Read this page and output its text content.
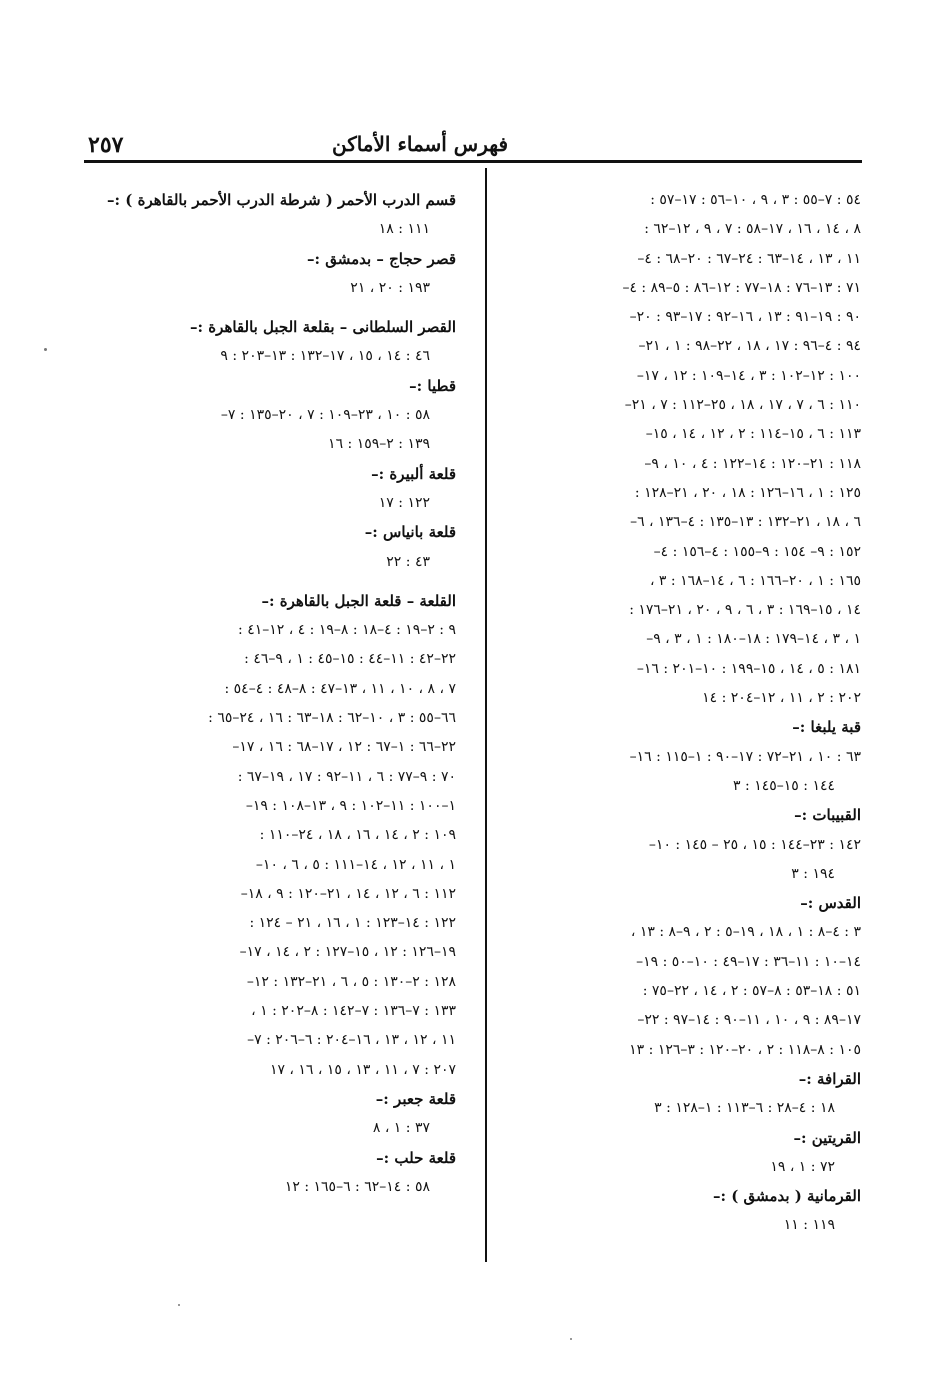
٢٥٧	فهرس أسماء الأماكن
٥٤ : ٧–٥٥ : ٣ ، ٩ ، ١٠–٥٦ : ١٧–٥٧ :
٨ ، ١٤ ، ١٦ ، ١٧–٥٨ : ٧ ، ٩ ، ١٢–٦٢ :
١١ ، ١٣ ، ١٤–٦٣ : ٢٤–٦٧ : ٢٠–٦٨ : ٤–
٧١ : ١٣–٧٦ : ١٨–٧٧ : ١٢–٨٦ : ٥–٨٩ : ٤–
٩٠ : ١٩–٩١ : ١٣ ، ١٦–٩٢ : ١٧–٩٣ : ٢٠–
٩٤ : ٤–٩٦ : ١٧ ، ١٨ ، ٢٢–٩٨ : ١ ، ٢١–
١٠٠ : ١٢–١٠٢ : ٣ ، ١٤–١٠٩ : ١٢ ، ١٧–
١١٠ : ٦ ، ٧ ، ١٧ ، ١٨ ، ٢٥–١١٢ : ٧ ، ٢١–
١١٣ : ٦ ، ١٥–١١٤ : ٢ ، ١٢ ، ١٤ ، ١٥–
١١٨ : ٢١–١٢٠ : ١٤–١٢٢ : ٤ ، ١٠ ، ٩–
١٢٥ : ١ ، ١٦–١٢٦ : ١٨ ، ٢٠ ، ٢١–١٢٨ :
٦ ، ١٨ ، ٢١–١٣٢ : ١٣–١٣٥ : ٤–١٣٦ ، ٦–
١٥٢ : ٩– ١٥٤ : ٩–١٥٥ : ٤–١٥٦ : ٤–
١٦٥ : ١ ، ٢٠–١٦٦ : ٦ ، ١٤–١٦٨ : ٣ ،
١٤ ، ١٥–١٦٩ : ٣ ، ٦ ، ٩ ، ٢٠ ، ٢١–١٧٦ :
١ ، ٣ ، ١٤–١٧٩ : ١٨–١٨٠ : ١ ، ٣ ، ٩–
١٨١ : ٥ ، ١٤ ، ١٥–١٩٩ : ١٠–٢٠١ : ١٦–
٢٠٢ : ٢ ، ١١ ، ١٢–٢٠٤ : ١٤
قبة يلبغا :–
٦٣ : ١٠ ، ٢١–٧٢ : ١٧–٩٠ : ١–١١٥ : ١٦–
١٤٤ : ١٥–١٤٥ : ٣
القبيبات :–
١٤٢ : ٢٣–١٤٤ : ١٥ ، ٢٥ – ١٤٥ : ١٠–
١٩٤ : ٣
القدس :–
٣ : ٤–٨ : ١ ، ١٨ ، ١٩–٥ : ٢ ، ٩–٨ : ١٣ ،
١٤–١٠ : ١١–٣٦ : ١٧–٤٩ : ١٠–٥٠ : ١٩–
٥١ : ١٨–٥٣ : ٨–٥٧ : ٢ ، ١٤ ، ٢٢–٧٥ :
١٧–٨٩ : ٩ ، ١٠ ، ١١–٩٠ : ١٤–٩٧ : ٢٢–
١٠٥ : ٨–١١٨ : ٢ ، ٢٠–١٢٠ : ٣–١٢٦ : ١٣
القرافة :–
١٨ : ٤–٢٨ : ٦–١١٣ : ١–١٢٨ : ٣
القريتين :–
٧٢ : ١ ، ١٩
القرمانية ( بدمشق ) :–
١١٩ : ١١
قسم الدرب الأحمر ( شرطة الدرب الأحمر بالقاهرة ) :–
١١١ : ١٨
قصر حجاج – بدمشق :–
١٩٣ : ٢٠ ، ٢١
القصر السلطانى – بقلعة الجبل بالقاهرة :–
٤٦ : ١٤ ، ١٥ ، ١٧–١٣٢ : ١٣–٢٠٣ : ٩
قطيا :–
٥٨ : ١٠ ، ٢٣–١٠٩ : ٧ ، ٢٠–١٣٥ : ٧–
١٣٩ : ٢–١٥٩ : ١٦
قلعة ألبيرة :–
١٢٢ : ١٧
قلعة بانياس :–
٤٣ : ٢٢
القلعة – قلعة الجبل بالقاهرة :–
٩ : ٢–١٩ : ٤–١٨ : ٨–١٩ : ٤ ، ١٢–٤١ :
٢٢–٤٢ : ١١–٤٤ : ١٥–٤٥ : ١ ، ٩–٤٦ :
٧ ، ٨ ، ١٠ ، ١١ ، ١٣–٤٧ : ٨–٤٨ : ٤–٥٤ :
٦٦–٥٥ : ٣ ، ١٠–٦٢ : ١٨–٦٣ : ١٦ ، ٢٤–٦٥ :
٢٢–٦٦ : ١–٦٧ : ١٢ ، ١٧–٦٨ : ١٦ ، ١٧–
٧٠ : ٩–٧٧ : ٦ ، ١١–٩٢ : ١٧ ، ١٩–٦٧ :
١–١٠٠ : ١١–١٠٢ : ٩ ، ١٣–١٠٨ : ١٩–
١٠٩ : ٢ ، ١٤ ، ١٦ ، ١٨ ، ٢٤–١١٠ :
١ ، ١١ ، ١٢ ، ١٤–١١١ : ٥ ، ٦ ، ١٠–
١١٢ : ٦ ، ١٢ ، ١٤ ، ٢١–١٢٠ : ٩ ، ١٨–
١٢٢ : ١٤–١٢٣ : ١ ، ١٦ ، ٢١ – ١٢٤ :
١٩–١٢٦ : ١٢ ، ١٥–١٢٧ : ٢ ، ١٤ ، ١٧–
١٢٨ : ٢–١٣٠ : ٥ ، ٦ ، ٢١–١٣٢ : ١٢–
١٣٣ : ٧–١٣٦ : ٧–١٤٢ : ٨–٢٠٢ : ١ ،
١١ ، ١٢ ، ١٣ ، ١٦–٢٠٤ : ٦–٢٠٦ : ٧–
٢٠٧ : ٧ ، ١١ ، ١٣ ، ١٥ ، ١٦ ، ١٧
قلعة جعبر :–
٣٧ : ١ ، ٨
قلعة حلب :–
٥٨ : ١٤–٦٢ : ٦–١٦٥ : ١٢
